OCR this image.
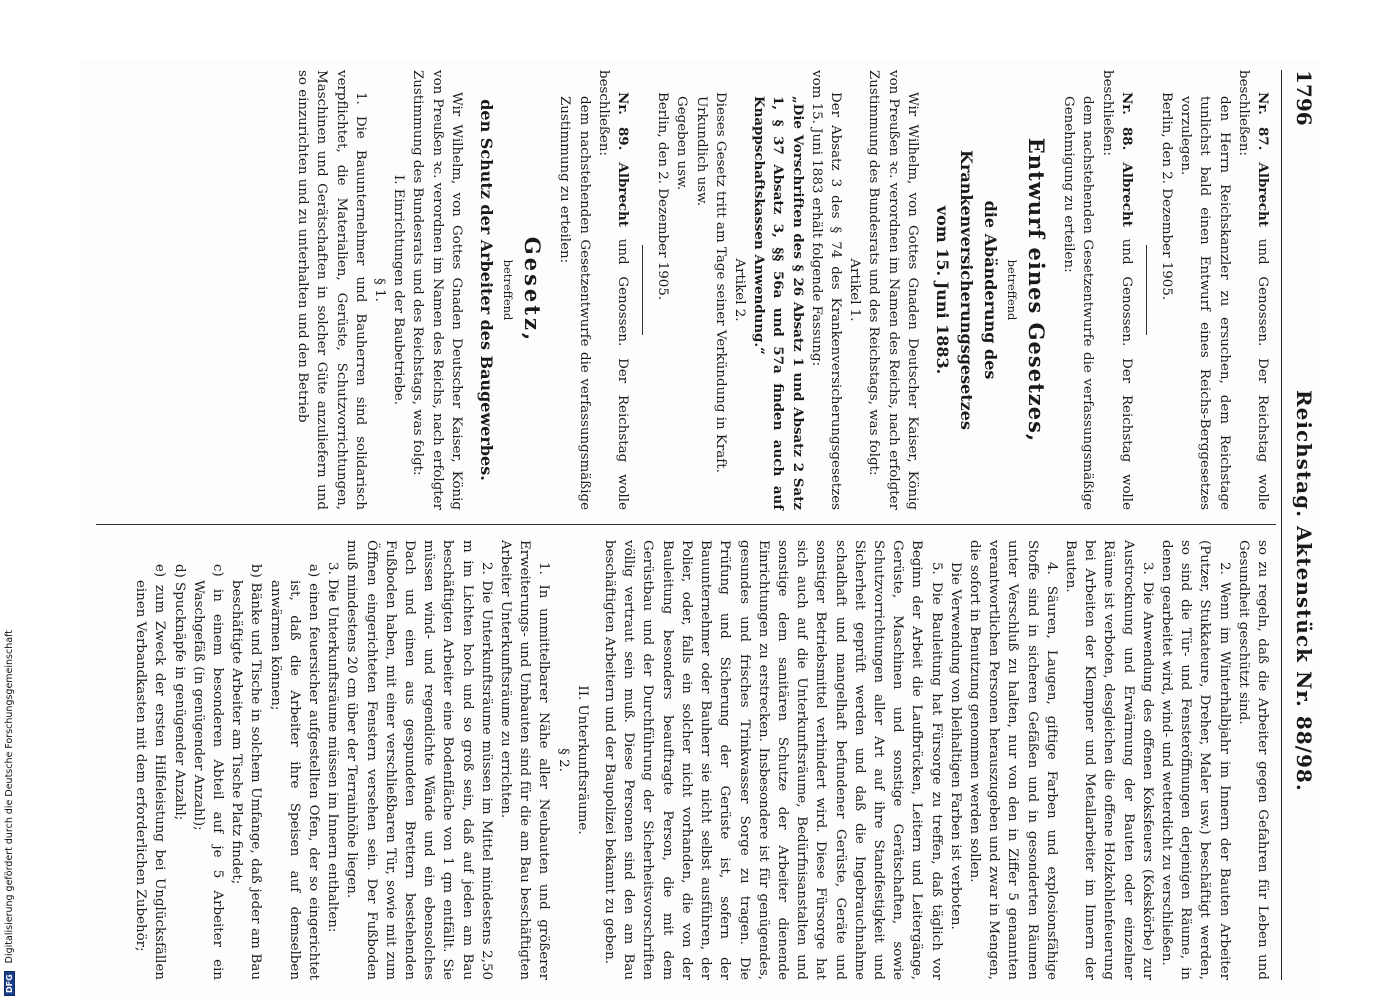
1796
Reichstag. Aktenstück Nr. 88/98.

Nr. 87. Albrecht und Genossen. Der Reichstag wolle beschließen:

den Herrn Reichskanzler zu ersuchen, dem Reichstage tunlichst bald einen Entwurf eines Reichs-Berggesetzes vorzulegen.

Berlin, den 2. Dezember 1905.

Nr. 88. Albrecht und Genossen. Der Reichstag wolle beschließen:

dem nachstehenden Gesetzentwurfe die verfassungsmäßige Genehmigung zu erteilen:

Entwurf eines Gesetzes,

betreffend

die Abänderung des Krankenversicherungsgesetzes

vom 15. Juni 1883.

Wir Wilhelm, von Gottes Gnaden Deutscher Kaiser, König von Preußen ꝛc. verordnen im Namen des Reichs, nach erfolgter Zustimmung des Bundesrats und des Reichstags, was folgt:

Artikel 1.

Der Absatz 3 des § 74 des Krankenversicherungsgesetzes vom 15. Juni 1883 erhält folgende Fassung:

„Die Vorschriften des § 26 Absatz 1 und Absatz 2 Satz 1, § 37 Absatz 3, §§ 56a und 57a finden auch auf Knappschaftskassen Anwendung.“

Artikel 2.

Dieses Gesetz tritt am Tage seiner Verkündung in Kraft.

Urkundlich usw.

Gegeben usw.

Berlin, den 2. Dezember 1905.

Nr. 89. Albrecht und Genossen. Der Reichstag wolle beschließen:

dem nachstehenden Gesetzentwurfe die verfassungsmäßige Zustimmung zu erteilen:

Gesetz,

betreffend

den Schutz der Arbeiter des Baugewerbes.

Wir Wilhelm, von Gottes Gnaden Deutscher Kaiser, König von Preußen ꝛc. verordnen im Namen des Reichs, nach erfolgter Zustimmung des Bundesrats und des Reichstags, was folgt:

I. Einrichtungen der Baubetriebe.

§ 1.

1. Die Bauunternehmer und Bauherren sind solidarisch verpflichtet, die Materialien, Gerüste, Schutzvorrichtungen, Maschinen und Gerätschaften in solcher Güte anzuliefern und so einzurichten und zu unterhalten und den Betrieb

so zu regeln, daß die Arbeiter gegen Gefahren für Leben und Gesundheit geschützt sind.

2. Wenn im Winterhalbjahr im Innern der Bauten Arbeiter (Putzer, Stukkateure, Dreher, Maler usw.) beschäftigt werden, so sind die Tür- und Fensteröffnungen derjenigen Räume, in denen gearbeitet wird, wind- und wetterdicht zu verschließen.

3. Die Anwendung des offenen Koksfeuers (Kokskörbe) zur Austrocknung und Erwärmung der Bauten oder einzelner Räume ist verboten, desgleichen die offene Holzkohlenfeuerung bei Arbeiten der Klempner und Metallarbeiter im Innern der Bauten.

4. Säuren, Laugen, giftige Farben und explosionsfähige Stoffe sind in sicheren Gefäßen und in gesonderten Räumen unter Verschluß zu halten, nur von den in Ziffer 5 genannten verantwortlichen Personen herauszugeben und zwar in Mengen, die sofort in Benutzung genommen werden sollen.

Die Verwendung von bleihaltigen Farben ist verboten.

5. Die Bauleitung hat Fürsorge zu treffen, daß täglich vor Beginn der Arbeit die Laufbrücken, Leitern und Leitergänge, Gerüste, Maschinen und sonstige Gerätschaften, sowie Schutzvorrichtungen aller Art auf ihre Standfestigkeit und Sicherheit geprüft werden und daß die Ingebrauchnahme schadhaft und mangelhaft befundener Gerüste, Geräte und sonstiger Betriebsmittel verhindert wird. Diese Fürsorge hat sich auch auf die Unterkunftsräume, Bedürfnisanstalten und sonstige dem sanitären Schutze der Arbeiter dienende Einrichtungen zu erstrecken. Insbesondere ist für genügendes, gesundes und frisches Trinkwasser Sorge zu tragen. Die Prüfung und Sicherung der Gerüste ist, sofern der Bauunternehmer oder Bauherr sie nicht selbst ausführen, der Polier, oder, falls ein solcher nicht vorhanden, die von der Bauleitung besonders beauftragte Person, die mit dem Gerüstbau und der Durchführung der Sicherheitsvorschriften völlig vertraut sein muß. Diese Personen sind den am Bau beschäftigten Arbeitern und der Baupolizei bekannt zu geben.

II. Unterkunftsräume.

§ 2.

1. In unmittelbarer Nähe aller Neubauten und größerer Erweiterungs- und Umbauten sind für die am Bau beschäftigten Arbeiter Unterkunftsräume zu errichten.

2. Die Unterkunftsräume müssen im Mittel mindestens 2,50 m im Lichten hoch und so groß sein, daß auf jeden am Bau beschäftigten Arbeiter eine Bodenfläche von 1 qm entfällt. Sie müssen wind- und regendichte Wände und ein ebensolches Dach und einen aus gespundeten Brettern bestehenden Fußboden haben, mit einer verschließbaren Tür, sowie mit zum Öffnen eingerichteten Fenstern versehen sein. Der Fußboden muß mindestens 20 cm über der Terrainhöhe liegen.

3. Die Unterkunftsräume müssen im Innern enthalten:

a) einen feuersicher aufgestellten Ofen, der so eingerichtet ist, daß die Arbeiter ihre Speisen auf demselben anwärmen können;

b) Bänke und Tische in solchem Umfange, daß jeder am Bau beschäftigte Arbeiter am Tische Platz findet;

c) in einem besonderen Abteil auf je 5 Arbeiter ein Waschgefäß (in genügender Anzahl);

d) Spucknäpfe in genügender Anzahl;

e) zum Zweck der ersten Hilfeleistung bei Unglücksfällen einen Verbandkasten mit dem erforderlichen Zubehör;

DFGDigitalisierung gefördert durch die Deutsche Forschungsgemeinschaft
